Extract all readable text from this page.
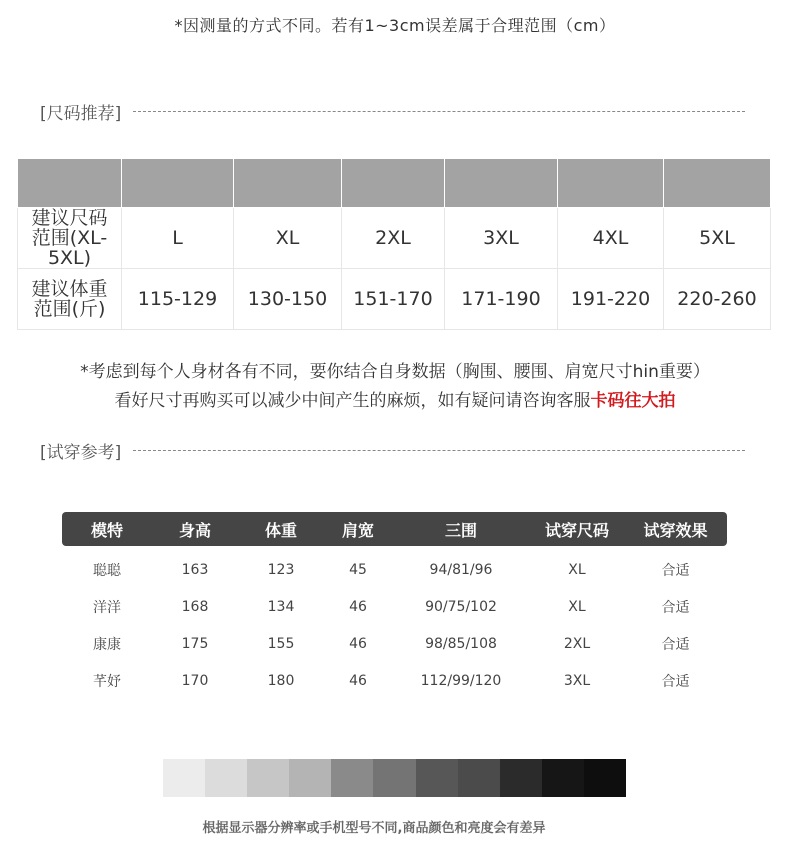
*因测量的方式不同。若有1~3cm误差属于合理范围（cm）
[尺码推荐]

建议尺码
范围(XL-5XL)	L	XL	2XL	3XL	4XL	5XL

建议体重
范围(斤)	115-129	130-150	151-170	171-190	191-220	220-260
*考虑到每个人身材各有不同，要你结合自身数据（胸围、腰围、肩宽尺寸hin重要）
看好尺寸再购买可以减少中间产生的麻烦，如有疑问请咨询客服卡码往大拍
[试穿参考]
模特	身高	体重	肩宽	三围	试穿尺码	试穿效果
聪聪	163	123	45	94/81/96	XL	合适
洋洋	168	134	46	90/75/102	XL	合适
康康	175	155	46	98/85/108	2XL	合适
芊妤	170	180	46	112/99/120	3XL	合适
根据显示器分辨率或手机型号不同,商品颜色和亮度会有差异
